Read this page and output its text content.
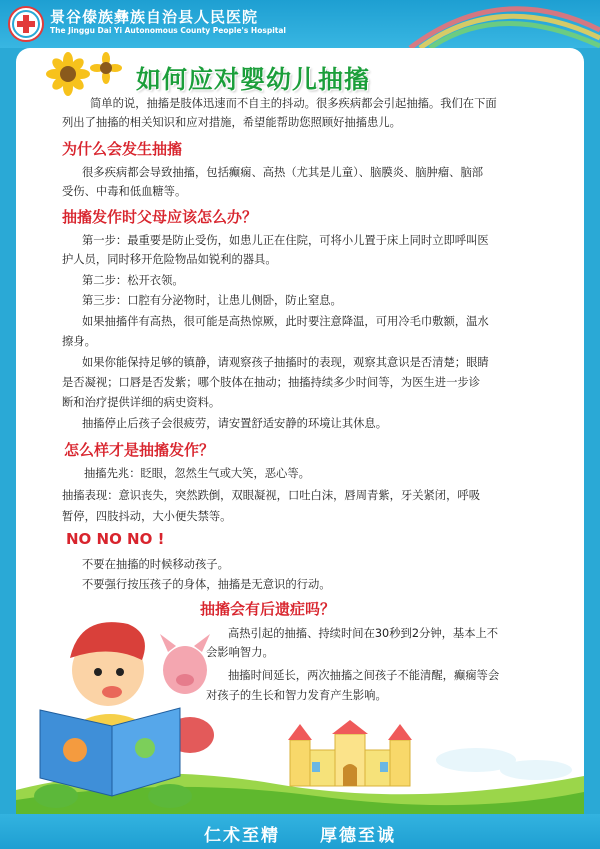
景谷傣族彝族自治县人民医院
The Jinggu Dai Yi Autonomous County People's Hospital
如何应对婴幼儿抽搐
简单的说，抽搐是肢体迅速而不自主的抖动。很多疾病都会引起抽搐。我们在下面
列出了抽搐的相关知识和应对措施，希望能帮助您照顾好抽搐患儿。
为什么会发生抽搐
很多疾病都会导致抽搐，包括癫痫、高热（尤其是儿童）、脑膜炎、脑肿瘤、脑部
受伤、中毒和低血糖等。
抽搐发作时父母应该怎么办？
第一步：最重要是防止受伤，如患儿正在住院，可将小儿置于床上同时立即呼叫医
护人员，同时移开危险物品如锐利的器具。
第二步：松开衣领。
第三步：口腔有分泌物时，让患儿侧卧，防止窒息。
如果抽搐伴有高热，很可能是高热惊厥，此时要注意降温，可用冷毛巾敷额，温水
擦身。
如果你能保持足够的镇静，请观察孩子抽搐时的表现，观察其意识是否清楚；眼睛
是否凝视；口唇是否发紫；哪个肢体在抽动；抽搐持续多少时间等，为医生进一步诊
断和治疗提供详细的病史资料。
抽搐停止后孩子会很疲劳，请安置舒适安静的环境让其休息。
怎么样才是抽搐发作？
抽搐先兆：眨眼，忽然生气或大笑，恶心等。
抽搐表现：意识丧失，突然跌倒，双眼凝视，口吐白沫，唇周青紫，牙关紧闭，呼吸
暂停，四肢抖动，大小便失禁等。
NO NO NO !
不要在抽搐的时候移动孩子。
不要强行按压孩子的身体，抽搐是无意识的行动。
抽搐会有后遗症吗？
高热引起的抽搐、持续时间在30秒到2分钟，基本上不
会影响智力。
抽搐时间延长，两次抽搐之间孩子不能清醒，癫痫等会
对孩子的生长和智力发育产生影响。
仁术至精 厚德至诚
